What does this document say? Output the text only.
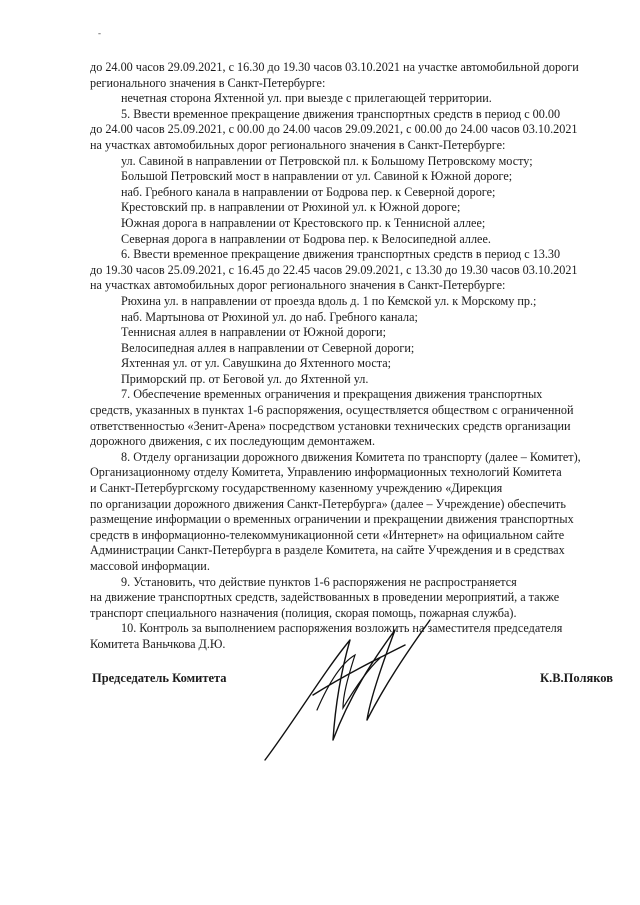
-
до 24.00 часов 29.09.2021, с 16.30 до 19.30 часов 03.10.2021 на участке автомобильной дороги
регионального значения в Санкт-Петербурге:
нечетная сторона Яхтенной ул. при выезде с прилегающей территории.
5. Ввести временное прекращение движения транспортных средств в период с 00.00
до 24.00 часов 25.09.2021, с 00.00 до 24.00 часов 29.09.2021, с 00.00 до 24.00 часов 03.10.2021
на участках автомобильных дорог регионального значения в Санкт-Петербурге:
ул. Савиной в направлении от Петровской пл. к Большому Петровскому мосту;
Большой Петровский мост в направлении от ул. Савиной к Южной дороге;
наб. Гребного канала в направлении от Бодрова пер. к Северной дороге;
Крестовский пр. в направлении от Рюхиной ул. к Южной дороге;
Южная дорога в направлении от Крестовского пр. к Теннисной аллее;
Северная дорога в направлении от Бодрова пер. к Велосипедной аллее.
6. Ввести временное прекращение движения транспортных средств в период с 13.30
до 19.30 часов 25.09.2021, с 16.45 до 22.45 часов 29.09.2021, с 13.30 до 19.30 часов 03.10.2021
на участках автомобильных дорог регионального значения в Санкт-Петербурге:
Рюхина ул. в направлении от проезда вдоль д. 1 по Кемской ул. к Морскому пр.;
наб. Мартынова от Рюхиной ул. до наб. Гребного канала;
Теннисная аллея в направлении от Южной дороги;
Велосипедная аллея в направлении от Северной дороги;
Яхтенная ул. от ул. Савушкина до Яхтенного моста;
Приморский пр. от Беговой ул. до Яхтенной ул.
7. Обеспечение временных ограничения и прекращения движения транспортных
средств, указанных в пунктах 1-6 распоряжения, осуществляется обществом с ограниченной
ответственностью «Зенит-Арена» посредством установки технических средств организации
дорожного движения, с их последующим демонтажем.
8. Отделу организации дорожного движения Комитета по транспорту (далее – Комитет),
Организационному отделу Комитета, Управлению информационных технологий Комитета
и Санкт-Петербургскому государственному казенному учреждению «Дирекция
по организации дорожного движения Санкт-Петербурга» (далее – Учреждение) обеспечить
размещение информации о временных ограничении и прекращении движения транспортных
средств в информационно-телекоммуникационной сети «Интернет» на официальном сайте
Администрации Санкт-Петербурга в разделе Комитета, на сайте Учреждения и в средствах
массовой информации.
9. Установить, что действие пунктов 1-6 распоряжения не распространяется
на движение транспортных средств, задействованных в проведении мероприятий, а также
транспорт специального назначения (полиция, скорая помощь, пожарная служба).
10. Контроль за выполнением распоряжения возложить на заместителя председателя
Комитета Ваньчкова Д.Ю.
Председатель Комитета	К.В.Поляков
